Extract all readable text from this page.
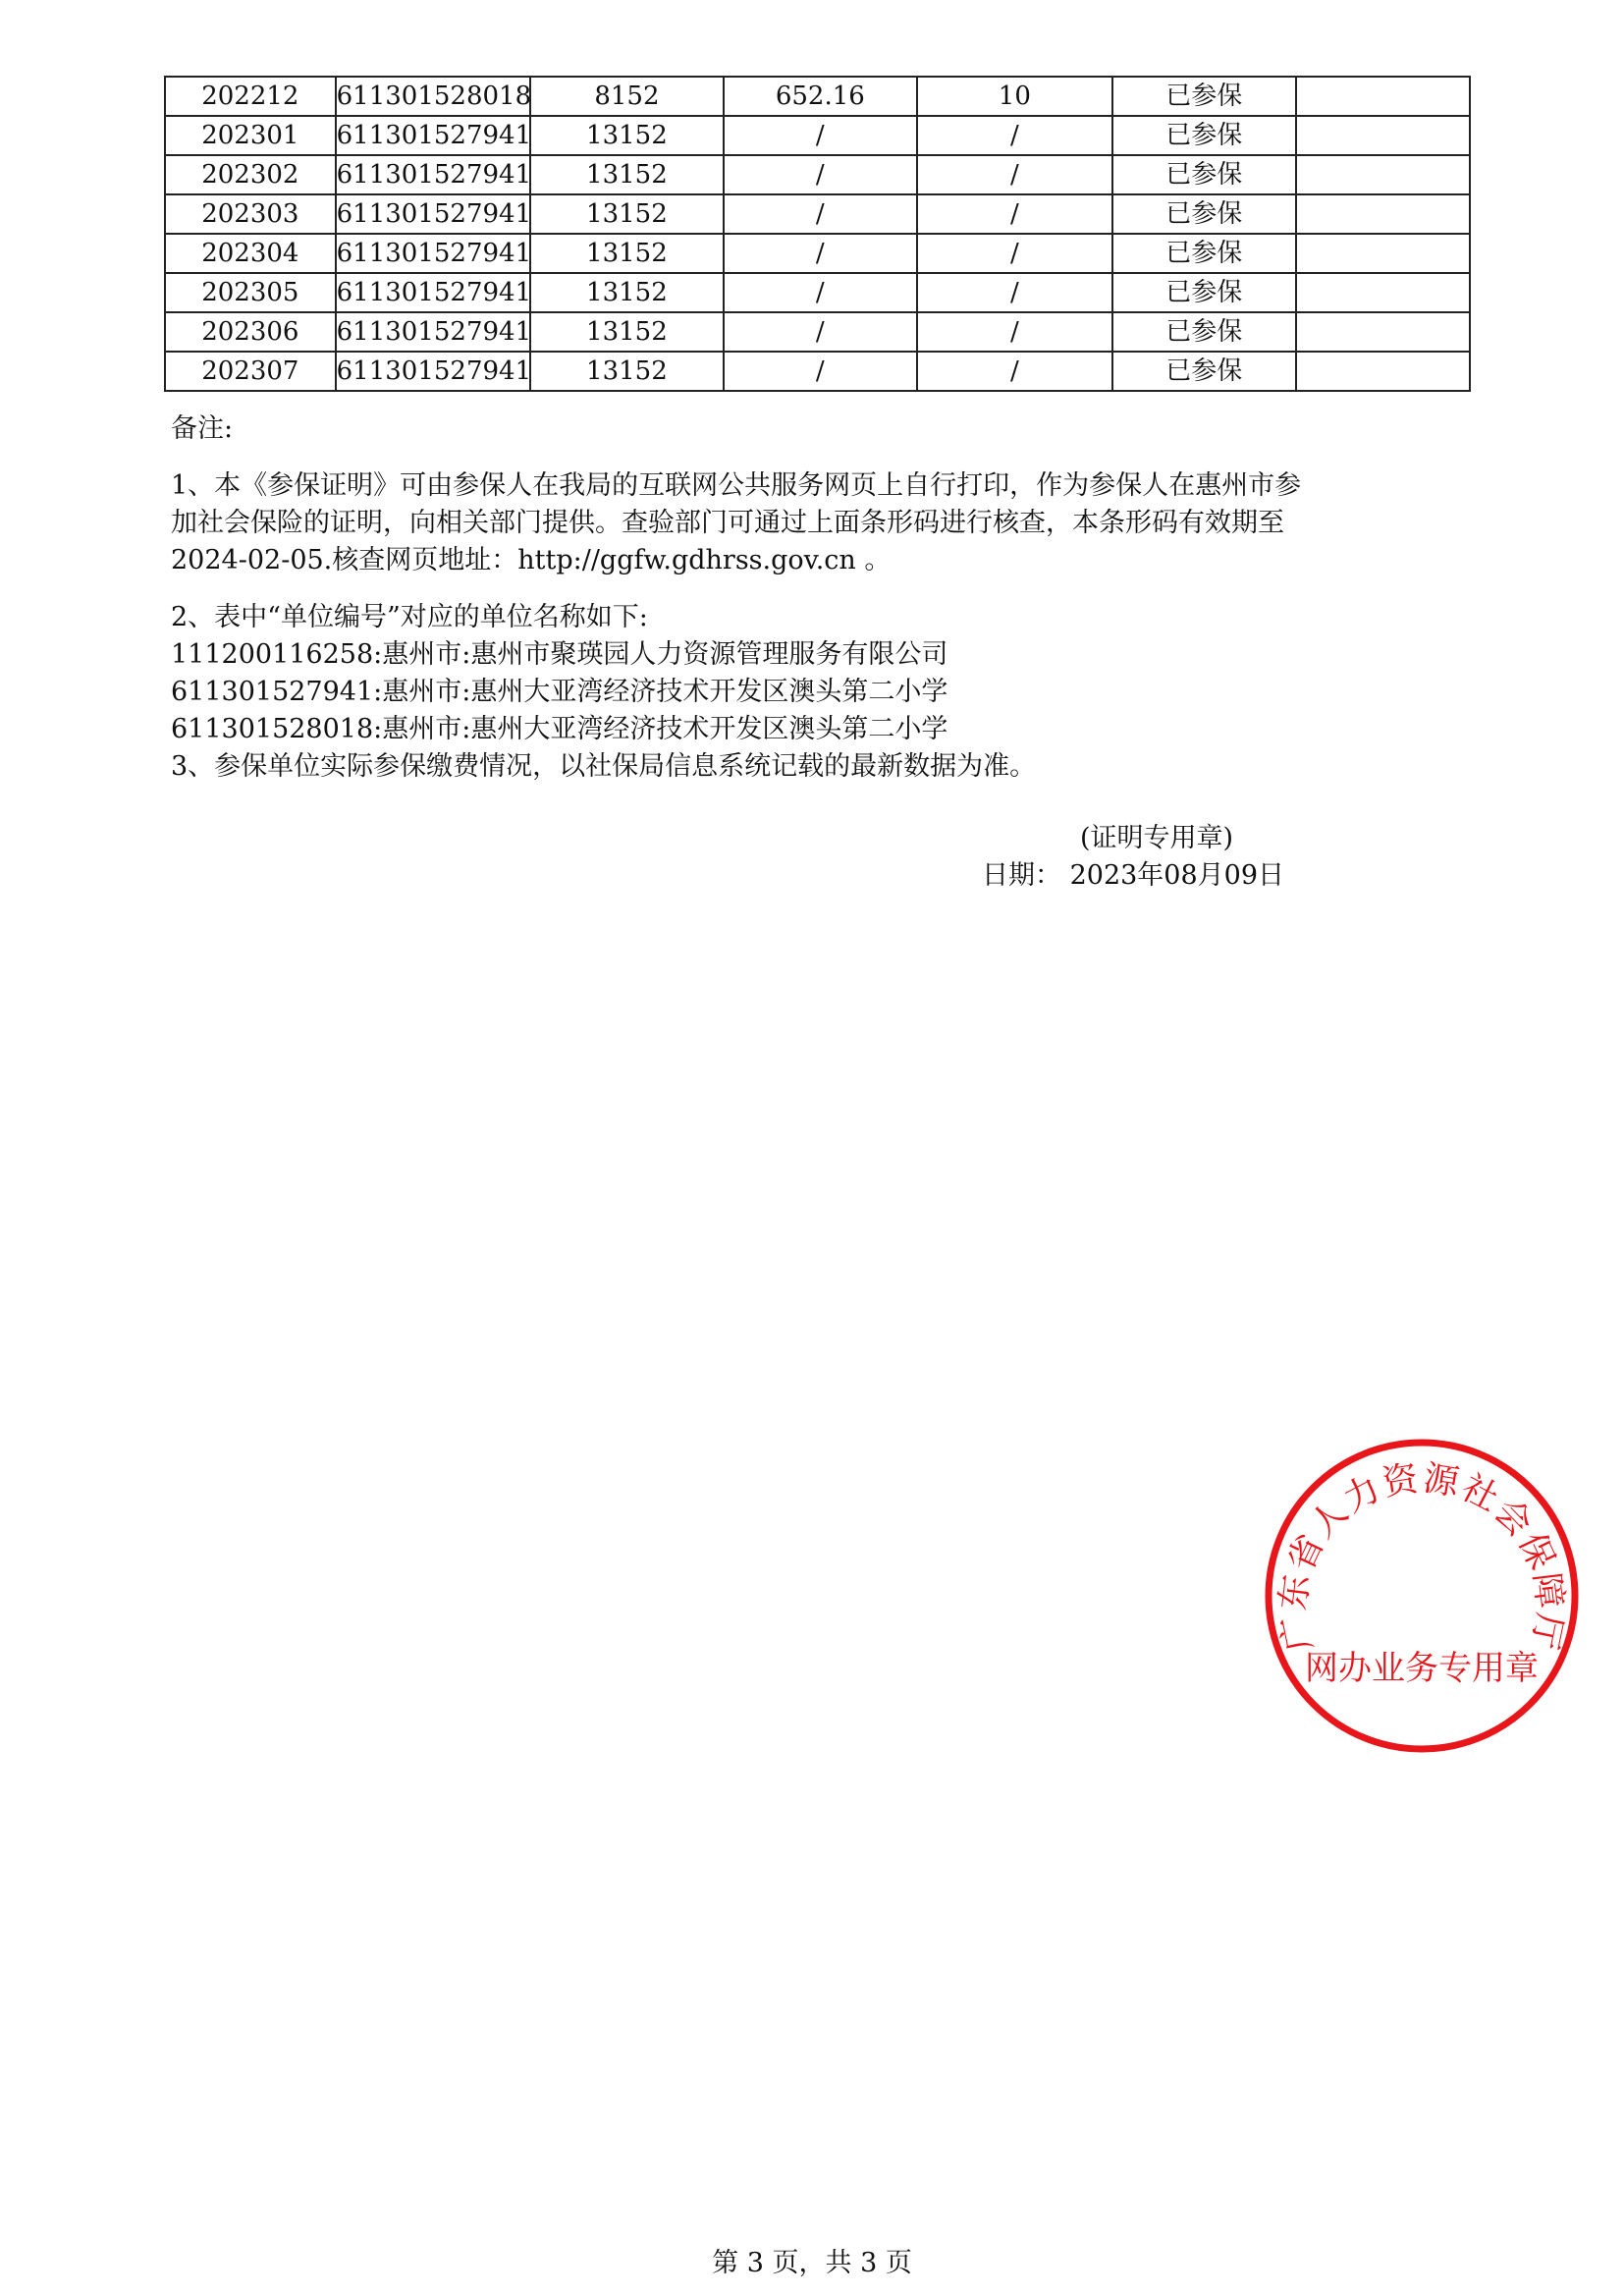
202212	611301528018	8152	652.16	10	已参保	
202301	611301527941	13152	/	/	已参保	
202302	611301527941	13152	/	/	已参保	
202303	611301527941	13152	/	/	已参保	
202304	611301527941	13152	/	/	已参保	
202305	611301527941	13152	/	/	已参保	
202306	611301527941	13152	/	/	已参保	
202307	611301527941	13152	/	/	已参保	

备注:

1、本《参保证明》可由参保人在我局的互联网公共服务网页上自行打印，作为参保人在惠州市参

加社会保险的证明，向相关部门提供。查验部门可通过上面条形码进行核查，本条形码有效期至

2024-02-05.核查网页地址：http://ggfw.gdhrss.gov.cn 。

2、表中“单位编号”对应的单位名称如下:

111200116258:惠州市:惠州市聚瑛园人力资源管理服务有限公司

611301527941:惠州市:惠州大亚湾经济技术开发区澳头第二小学

611301528018:惠州市:惠州大亚湾经济技术开发区澳头第二小学

3、参保单位实际参保缴费情况，以社保局信息系统记载的最新数据为准。

(证明专用章)
日期： 2023年08月09日
广东省人力资源社会保障厅
网办业务专用章
第 3 页，共 3 页
